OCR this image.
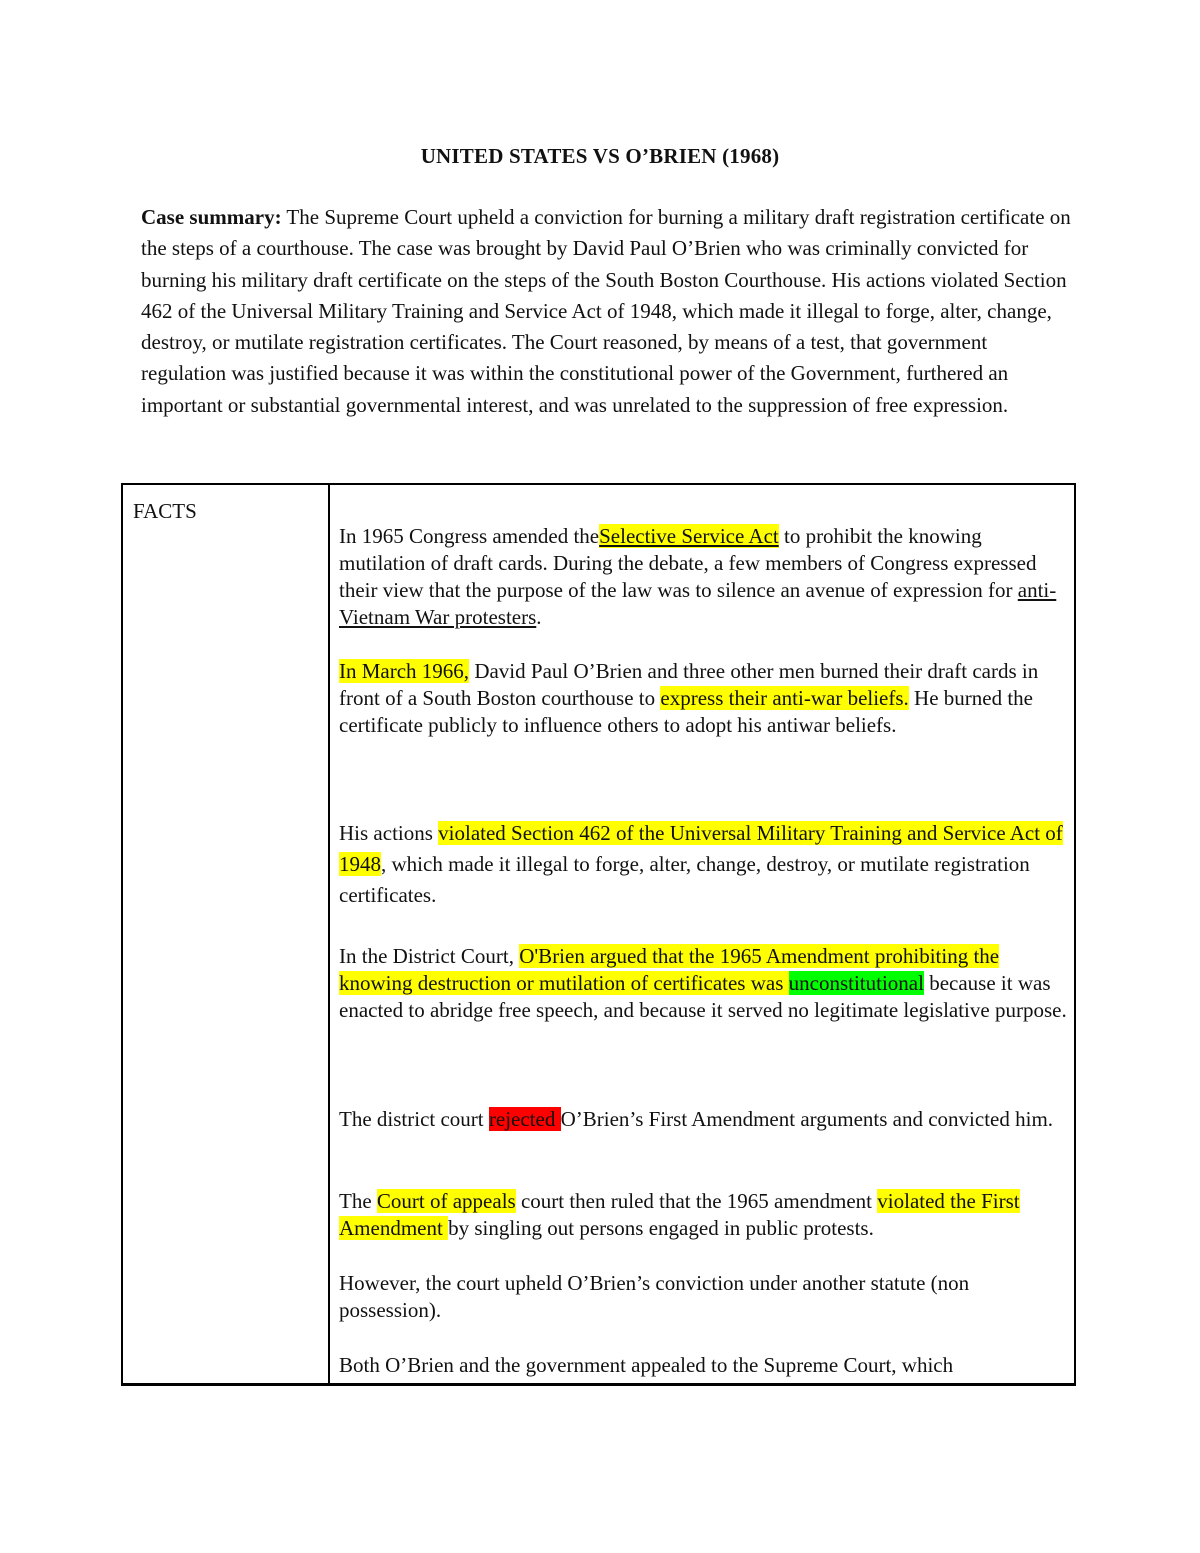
UNITED STATES VS O’BRIEN (1968)
Case summary: The Supreme Court upheld a conviction for burning a military draft registration certificate on the steps of a courthouse. The case was brought by David Paul O’Brien who was criminally convicted for burning his military draft certificate on the steps of the South Boston Courthouse. His actions violated Section 462 of the Universal Military Training and Service Act of 1948, which made it illegal to forge, alter, change, destroy, or mutilate registration certificates. The Court reasoned, by means of a test, that government regulation was justified because it was within the constitutional power of the Government, furthered an important or substantial governmental interest, and was unrelated to the suppression of free expression.
FACTS
In 1965 Congress amended theSelective Service Act to prohibit the knowing mutilation of draft cards. During the debate, a few members of Congress expressed their view that the purpose of the law was to silence an avenue of expression for anti-Vietnam War protesters.
In March 1966, David Paul O’Brien and three other men burned their draft cards in front of a South Boston courthouse to express their anti-war beliefs. He burned the certificate publicly to influence others to adopt his antiwar beliefs.
His actions violated Section 462 of the Universal Military Training and Service Act of 1948, which made it illegal to forge, alter, change, destroy, or mutilate registration certificates.
In the District Court, O'Brien argued that the 1965 Amendment prohibiting the knowing destruction or mutilation of certificates was unconstitutional because it was enacted to abridge free speech, and because it served no legitimate legislative purpose.
The district court rejected O’Brien’s First Amendment arguments and convicted him.
The Court of appeals court then ruled that the 1965 amendment violated the First Amendment by singling out persons engaged in public protests.
However, the court upheld O’Brien’s conviction under another statute (non possession).
Both O’Brien and the government appealed to the Supreme Court, which
